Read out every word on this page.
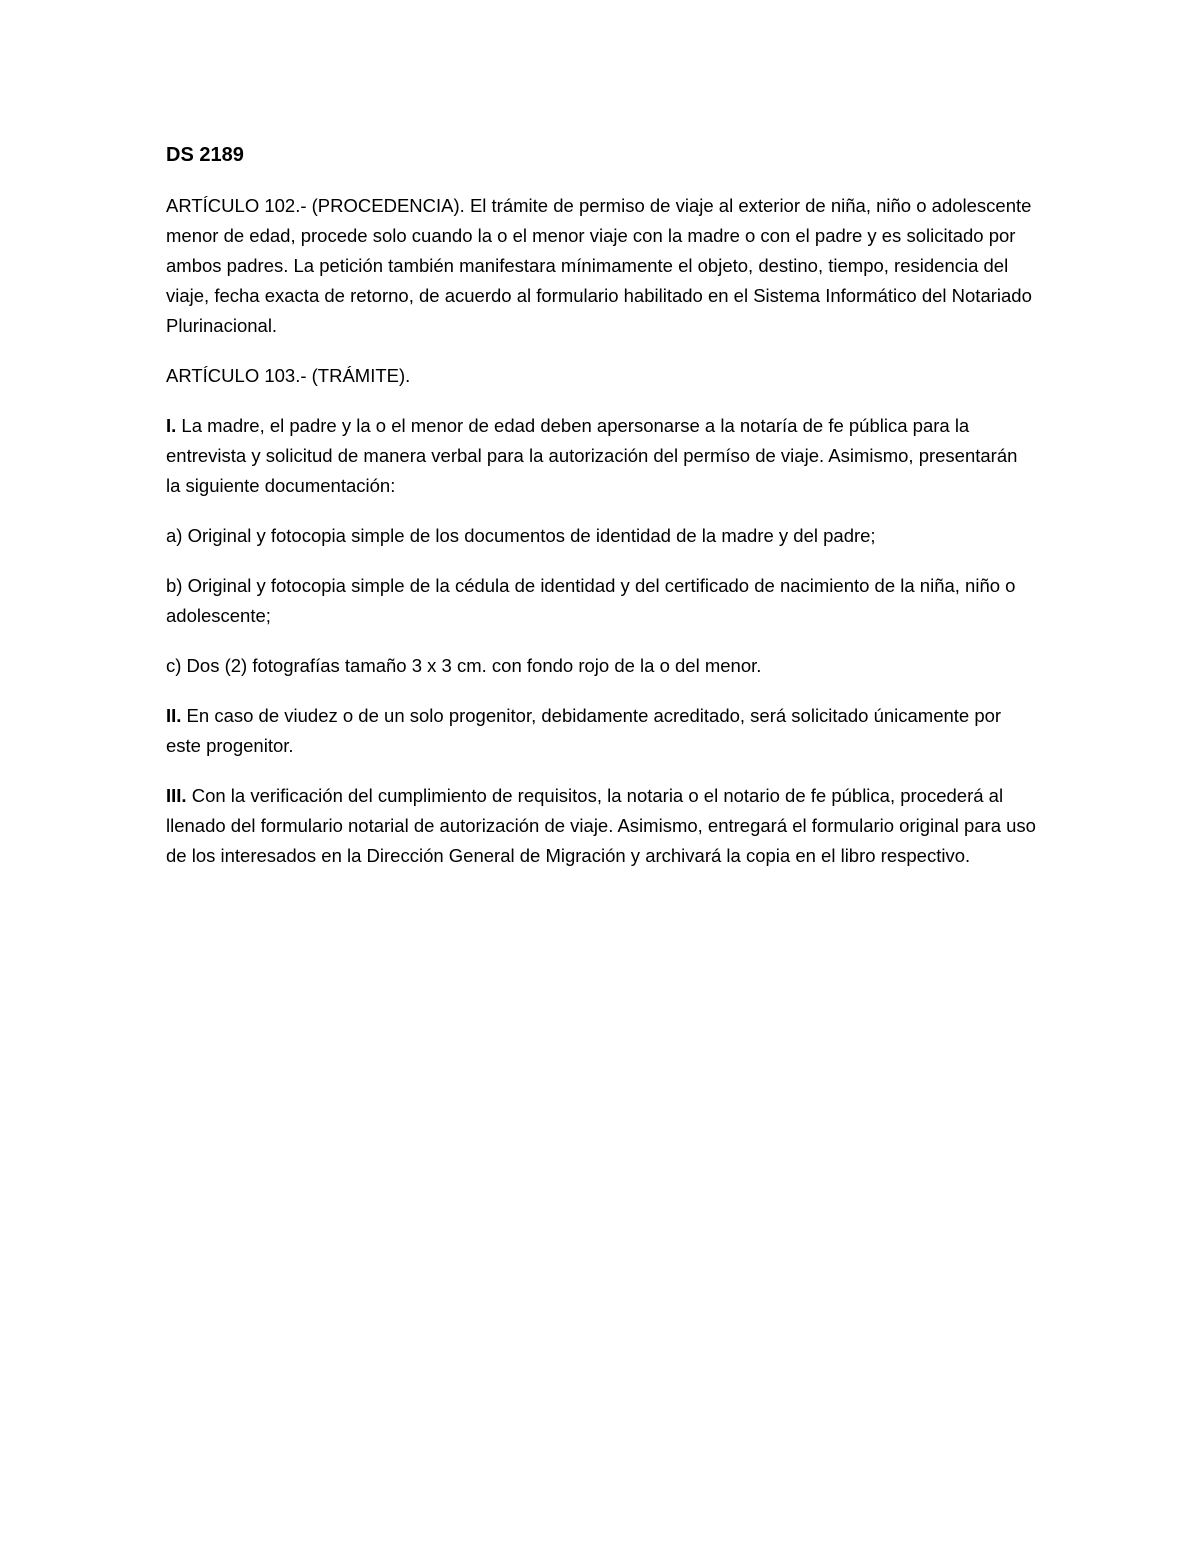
DS 2189

ARTÍCULO 102.- (PROCEDENCIA). El trámite de permiso de viaje al exterior de niña, niño o adolescente menor de edad, procede solo cuando la o el menor viaje con la madre o con el padre y es solicitado por ambos padres. La petición también manifestara mínimamente el objeto, destino, tiempo, residencia del viaje, fecha exacta de retorno, de acuerdo al formulario habilitado en el Sistema Informático del Notariado Plurinacional.

ARTÍCULO 103.- (TRÁMITE).

I. La madre, el padre y la o el menor de edad deben apersonarse a la notaría de fe pública para la entrevista y solicitud de manera verbal para la autorización del permíso de viaje. Asimismo, presentarán la siguiente documentación:

a) Original y fotocopia simple de los documentos de identidad de la madre y del padre;

b) Original y fotocopia simple de la cédula de identidad y del certificado de nacimiento de la niña, niño o adolescente;

c) Dos (2) fotografías tamaño 3 x 3 cm. con fondo rojo de la o del menor.

II. En caso de viudez o de un solo progenitor, debidamente acreditado, será solicitado únicamente por este progenitor.

III. Con la verificación del cumplimiento de requisitos, la notaria o el notario de fe pública, procederá al llenado del formulario notarial de autorización de viaje. Asimismo, entregará el formulario original para uso de los interesados en la Dirección General de Migración y archivará la copia en el libro respectivo.
